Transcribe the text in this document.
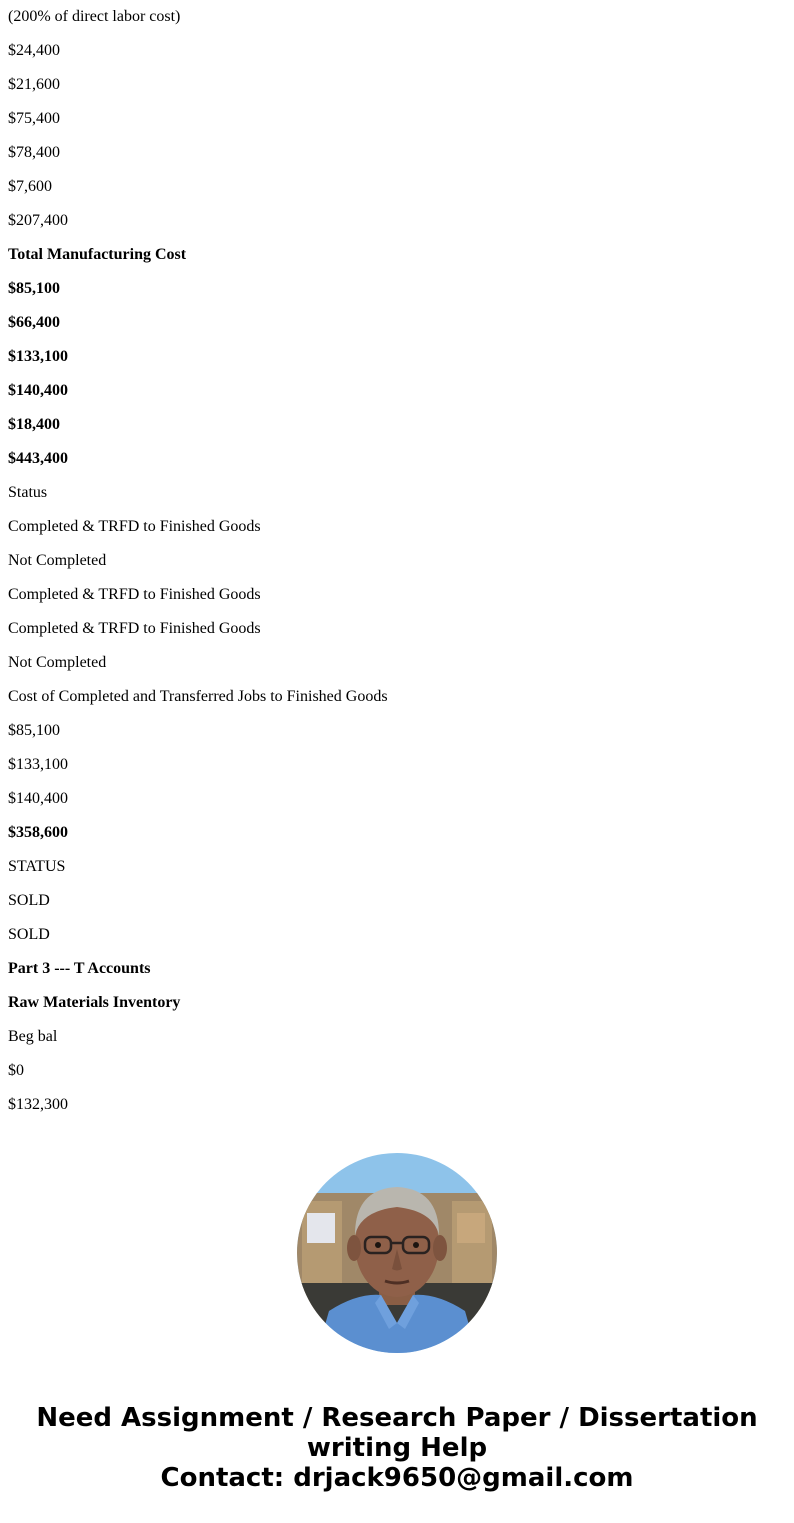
(200% of direct labor cost)
$24,400
$21,600
$75,400
$78,400
$7,600
$207,400
Total Manufacturing Cost
$85,100
$66,400
$133,100
$140,400
$18,400
$443,400
Status
Completed & TRFD to Finished Goods
Not Completed
Completed & TRFD to Finished Goods
Completed & TRFD to Finished Goods
Not Completed
Cost of Completed and Transferred Jobs to Finished Goods
$85,100
$133,100
$140,400
$358,600
STATUS
SOLD
SOLD
Part 3 --- T Accounts
Raw Materials Inventory
Beg bal
$0
$132,300
Need Assignment / Research Paper / Dissertation
writing Help
Contact: drjack9650@gmail.com
